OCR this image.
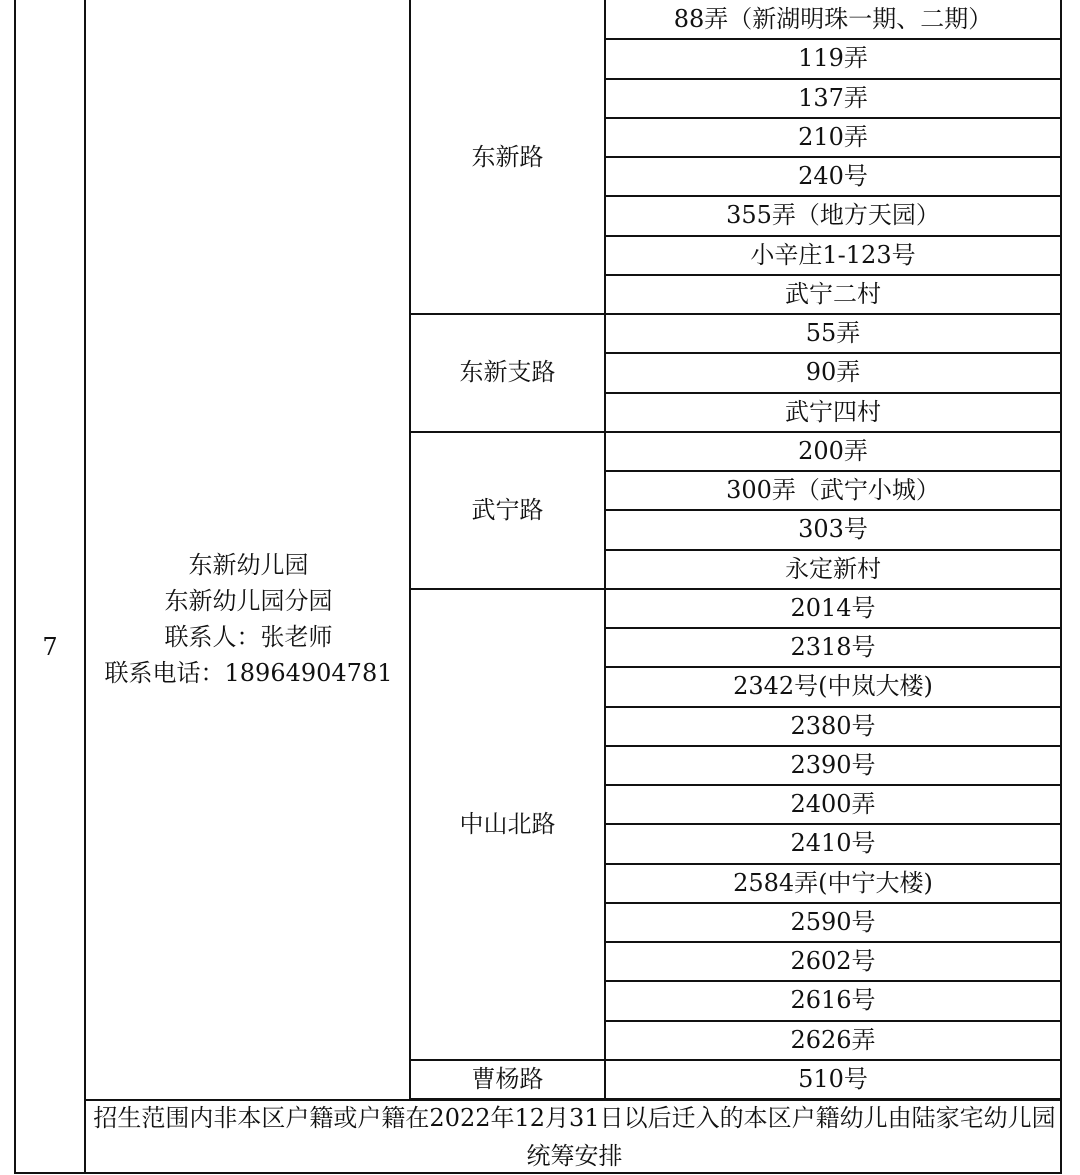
7
东新幼儿园
东新幼儿园分园
联系人：张老师
联系电话：18964904781
东新路
88弄（新湖明珠一期、二期）
119弄
137弄
210弄
240号
355弄（地方天园）
小辛庄1-123号
武宁二村
东新支路
55弄
90弄
武宁四村
武宁路
200弄
300弄（武宁小城）
303号
永定新村
中山北路
2014号
2318号
2342号(中岚大楼)
2380号
2390号
2400弄
2410号
2584弄(中宁大楼)
2590号
2602号
2616号
2626弄
曹杨路	510号
招生范围内非本区户籍或户籍在2022年12月31日以后迁入的本区户籍幼儿由陆家宅幼儿园统筹安排
